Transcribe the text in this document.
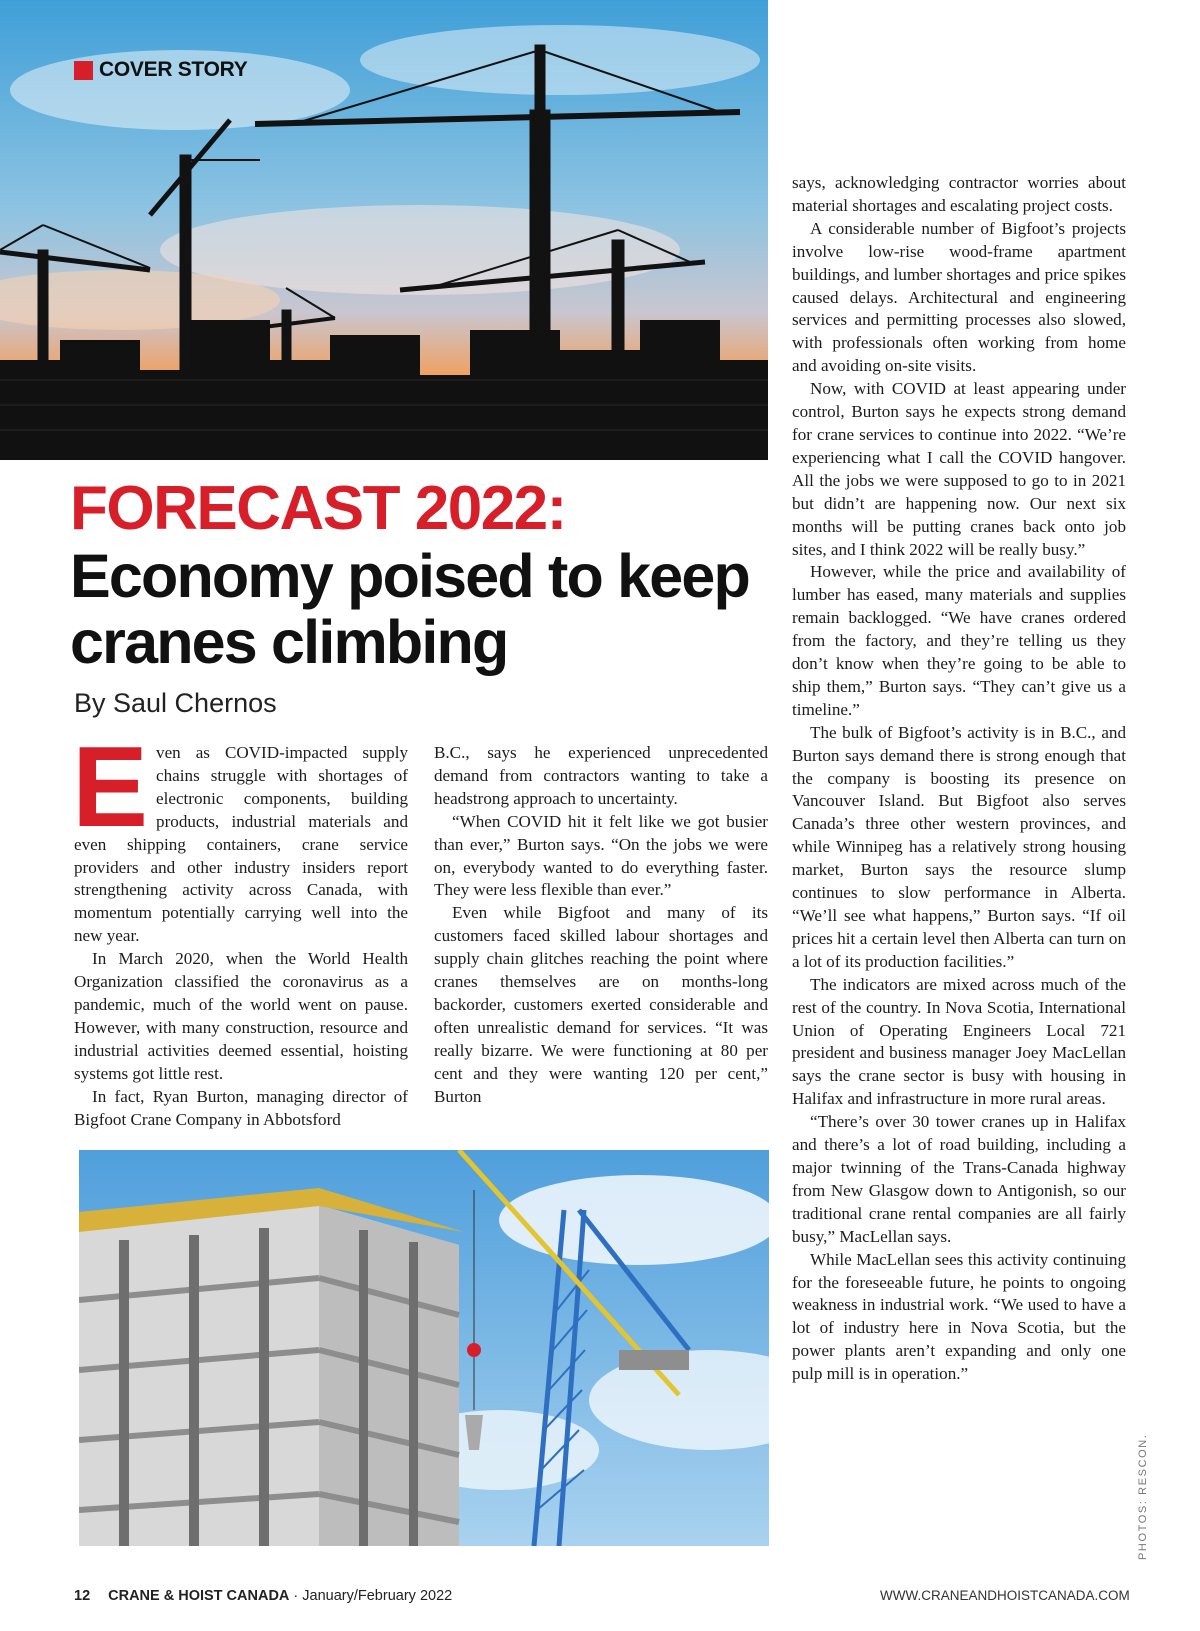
COVER STORY
FORECAST 2022:
Economy poised to keep cranes climbing
By Saul Chernos

Even as COVID-impacted supply chains struggle with shortages of electronic components, building products, industrial materials and even shipping containers, crane service providers and other industry insiders report strengthening activity across Canada, with momentum potentially carrying well into the new year.

In March 2020, when the World Health Organization classified the coronavirus as a pandemic, much of the world went on pause. However, with many construction, resource and industrial activities deemed essential, hoisting systems got little rest.

In fact, Ryan Burton, managing director of Bigfoot Crane Company in Abbotsford

B.C., says he experienced unprecedented demand from contractors wanting to take a headstrong approach to uncertainty.

“When COVID hit it felt like we got busier than ever,” Burton says. “On the jobs we were on, everybody wanted to do everything faster. They were less flexible than ever.”

Even while Bigfoot and many of its customers faced skilled labour shortages and supply chain glitches reaching the point where cranes themselves are on months-long backorder, customers exerted considerable and often unrealistic demand for services. “It was really bizarre. We were functioning at 80 per cent and they were wanting 120 per cent,” Burton

says, acknowledging contractor worries about material shortages and escalating project costs.

A considerable number of Bigfoot’s projects involve low-rise wood-frame apartment buildings, and lumber shortages and price spikes caused delays. Architectural and engineering services and permitting processes also slowed, with professionals often working from home and avoiding on-site visits.

Now, with COVID at least appearing under control, Burton says he expects strong demand for crane services to continue into 2022. “We’re experiencing what I call the COVID hangover. All the jobs we were supposed to go to in 2021 but didn’t are happening now. Our next six months will be putting cranes back onto job sites, and I think 2022 will be really busy.”

However, while the price and availability of lumber has eased, many materials and supplies remain backlogged. “We have cranes ordered from the factory, and they’re telling us they don’t know when they’re going to be able to ship them,” Burton says. “They can’t give us a timeline.”

The bulk of Bigfoot’s activity is in B.C., and Burton says demand there is strong enough that the company is boosting its presence on Vancouver Island. But Bigfoot also serves Canada’s three other western provinces, and while Winnipeg has a relatively strong housing market, Burton says the resource slump continues to slow performance in Alberta. “We’ll see what happens,” Burton says. “If oil prices hit a certain level then Alberta can turn on a lot of its production facilities.”

The indicators are mixed across much of the rest of the country. In Nova Scotia, International Union of Operating Engineers Local 721 president and business manager Joey MacLellan says the crane sector is busy with housing in Halifax and infrastructure in more rural areas.

“There’s over 30 tower cranes up in Halifax and there’s a lot of road building, including a major twinning of the Trans-Canada highway from New Glasgow down to Antigonish, so our traditional crane rental companies are all fairly busy,” MacLellan says.

While MacLellan sees this activity continuing for the foreseeable future, he points to ongoing weakness in industrial work. “We used to have a lot of industry here in Nova Scotia, but the power plants aren’t expanding and only one pulp mill is in operation.”

PHOTOS: RESCON.
12 CRANE & HOIST CANADA · January/February 2022	WWW.CRANEANDHOISTCANADA.COM
